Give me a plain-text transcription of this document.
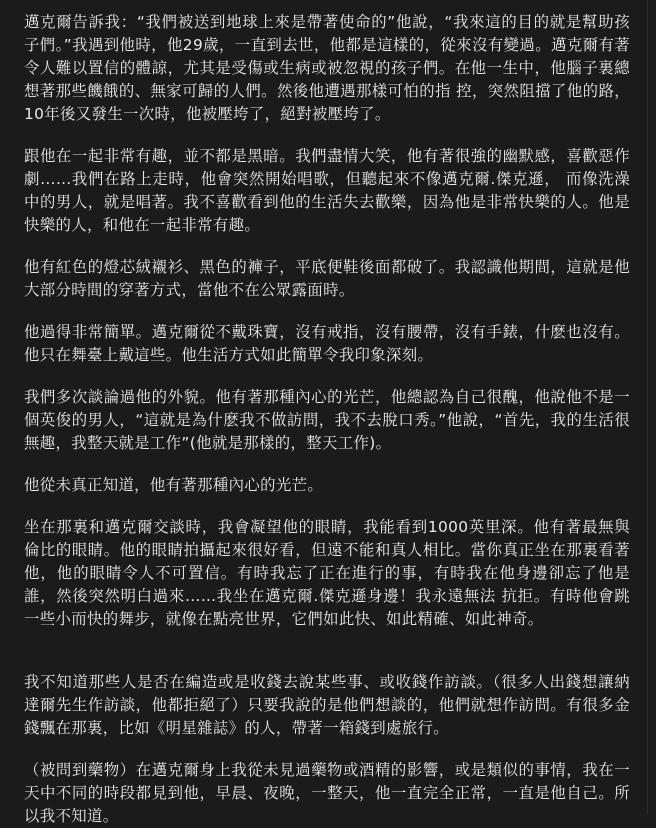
邁克爾告訴我：“我們被送到地球上來是帶著使命的”他說，“我來這的目的就是幫助孩子們。”我遇到他時，他29歲，一直到去世，他都是這樣的，從來沒有變過。邁克爾有著令人難以置信的體諒，尤其是受傷或生病或被忽視的孩子們。在他一生中，他腦子裏總想著那些饑餓的、無家可歸的人們。然後他遭遇那樣可怕的指 控，突然阻擋了他的路，10年後又發生一次時，他被壓垮了，絕對被壓垮了。

跟他在一起非常有趣，並不都是黑暗。我們盡情大笑，他有著很強的幽默感，喜歡惡作劇……我們在路上走時，他會突然開始唱歌，但聽起來不像邁克爾.傑克遜， 而像洗澡中的男人，就是唱著。我不喜歡看到他的生活失去歡樂，因為他是非常快樂的人。他是快樂的人，和他在一起非常有趣。

他有紅色的燈芯絨襯衫、黑色的褲子，平底便鞋後面都破了。我認識他期間，這就是他大部分時間的穿著方式，當他不在公眾露面時。

他過得非常簡單。邁克爾從不戴珠寶，沒有戒指，沒有腰帶，沒有手錶，什麽也沒有。他只在舞臺上戴這些。他生活方式如此簡單令我印象深刻。

我們多次談論過他的外貌。他有著那種內心的光芒，他總認為自己很醜，他說他不是一個英俊的男人，“這就是為什麽我不做訪問，我不去脫口秀。”他說，“首先，我的生活很無趣，我整天就是工作”(他就是那樣的，整天工作)。

他從未真正知道，他有著那種內心的光芒。

坐在那裏和邁克爾交談時，我會凝望他的眼睛，我能看到1000英里深。他有著最無與倫比的眼睛。他的眼睛拍攝起來很好看，但遠不能和真人相比。當你真正坐在那裏看著他，他的眼睛令人不可置信。有時我忘了正在進行的事，有時我在他身邊卻忘了他是誰，然後突然明白過來……我坐在邁克爾.傑克遜身邊！我永遠無法 抗拒。有時他會跳一些小而快的舞步，就像在點亮世界，它們如此快、如此精確、如此神奇。

我不知道那些人是否在編造或是收錢去說某些事、或收錢作訪談。（很多人出錢想讓納達爾先生作訪談，他都拒絕了）只要我說的是他們想談的，他們就想作訪問。有很多金錢飄在那裏，比如《明星雜誌》的人，帶著一箱錢到處旅行。

（被問到藥物）在邁克爾身上我從未見過藥物或酒精的影響，或是類似的事情，我在一天中不同的時段都見到他，早晨、夜晚，一整天，他一直完全正常，一直是他自己。所以我不知道。
